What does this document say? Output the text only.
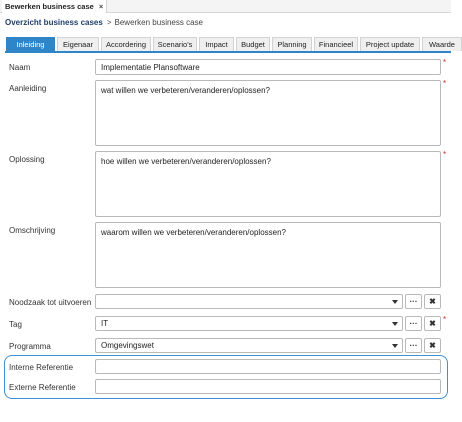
Bewerken business case ×
Overzicht business cases > Bewerken business case
Inleiding	Eigenaar	Accordering	Scenario's	Impact	Budget	Planning	Financieel	Project update	Waarde
Naam	Implementatie Plansoftware	*
Aanleiding	wat willen we verbeteren/veranderen/oplossen?
*
Oplossing	hoe willen we verbeteren/veranderen/oplossen?
*
Omschrijving	waarom willen we verbeteren/veranderen/oplossen?
Noodzaak tot uitvoeren	···	✖
Tag	IT	···	✖ *
Programma	Omgevingswet	···	✖
Interne Referentie
Externe Referentie
